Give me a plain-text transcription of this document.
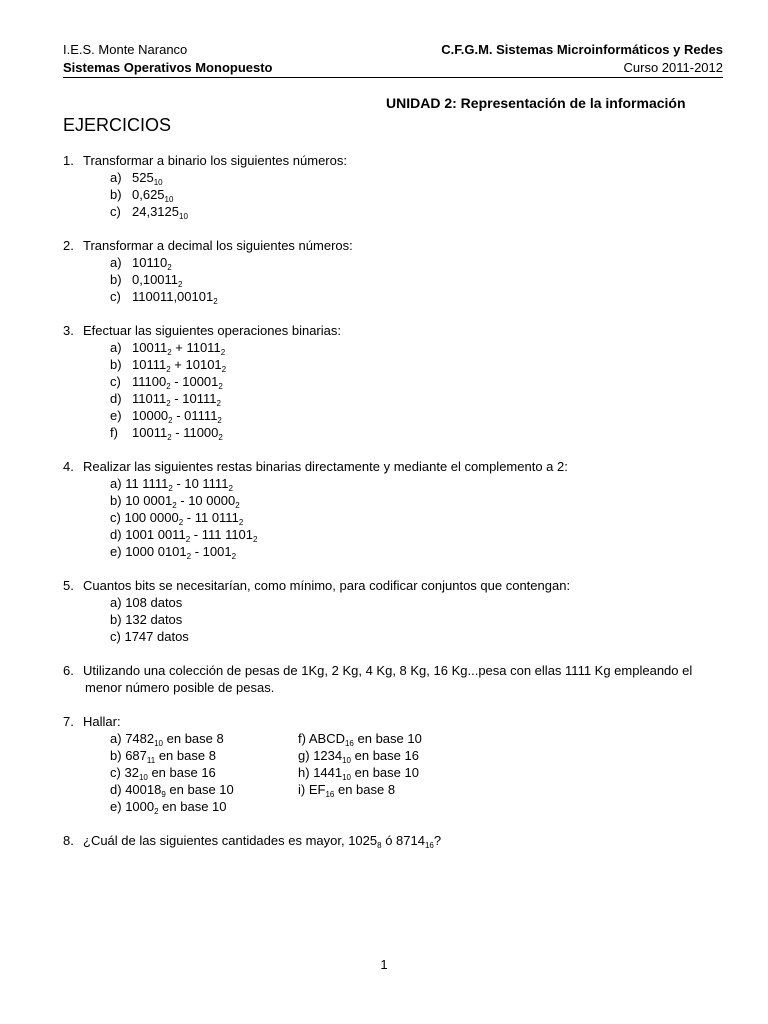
I.E.S. Monte Naranco	C.F.G.M. Sistemas Microinformáticos y Redes
Sistemas Operativos Monopuesto	Curso 2011-2012
UNIDAD 2: Representación de la información
EJERCICIOS
1. Transformar a binario los siguientes números:
a) $525_{10}$
b) $0,625_{10}$
c) $24,3125_{10}$
2. Transformar a decimal los siguientes números:
a) $10110_2$
b) $0,10011_2$
c) $110011,00101_2$
3. Efectuar las siguientes operaciones binarias:
a) $10011_2 + 11011_2$
b) $10111_2 + 10101_2$
c) $11100_2 - 10001_2$
d) $11011_2 - 10111_2$
e) $10000_2 - 01111_2$
f) $10011_2 - 11000_2$
4. Realizar las siguientes restas binarias directamente y mediante el complemento a 2:
a) 11 $1111_2 - 10$ $1111_2$
b) 10 $0001_2 - 10$ $0000_2$
c) 100 $0000_2 - 11$ $0111_2$
d) 1001 $0011_2 - 111$ $1101_2$
e) 1000 $0101_2 - 1001_2$
5. Cuantos bits se necesitarían, como mínimo, para codificar conjuntos que contengan:
a) 108 datos
b) 132 datos
c) 1747 datos
6. Utilizando una colección de pesas de 1Kg, 2 Kg, 4 Kg, 8 Kg, 16 Kg...pesa con ellas 1111 Kg empleando el
menor número posible de pesas.
7. Hallar:
a) $7482_{10}$ en base 8
b) $687_{11}$ en base 8
c) $32_{10}$ en base 16
d) $40018_9$ en base 10
e) $1000_2$ en base 10
f) $ABCD_{16}$ en base 10
g) $1234_{10}$ en base 16
h) $1441_{10}$ en base 10
i) $EF_{16}$ en base 8
8. ¿Cuál de las siguientes cantidades es mayor, $1025_8$ ó $8714_{16}$?
1
